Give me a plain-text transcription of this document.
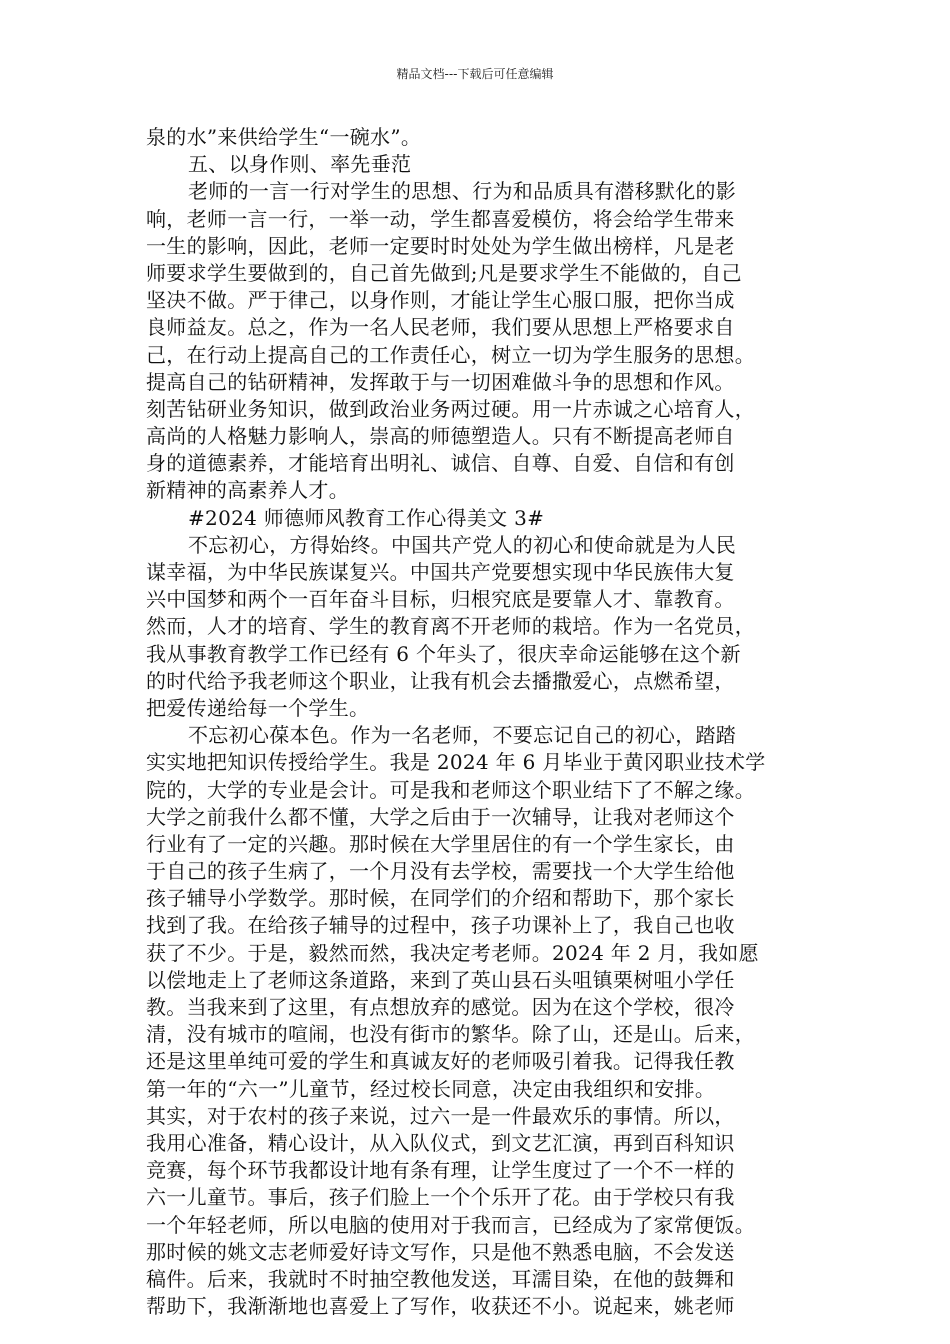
精品文档---下载后可任意编辑
泉的水”来供给学生“一碗水”。
五、以身作则、率先垂范
老师的一言一行对学生的思想、行为和品质具有潜移默化的影
响，老师一言一行，一举一动，学生都喜爱模仿，将会给学生带来
一生的影响，因此，老师一定要时时处处为学生做出榜样，凡是老
师要求学生要做到的，自己首先做到;凡是要求学生不能做的，自己
坚决不做。严于律己，以身作则，才能让学生心服口服，把你当成
良师益友。总之，作为一名人民老师，我们要从思想上严格要求自
己，在行动上提高自己的工作责任心，树立一切为学生服务的思想。
提高自己的钻研精神，发挥敢于与一切困难做斗争的思想和作风。
刻苦钻研业务知识，做到政治业务两过硬。用一片赤诚之心培育人，
高尚的人格魅力影响人，崇高的师德塑造人。只有不断提高老师自
身的道德素养，才能培育出明礼、诚信、自尊、自爱、自信和有创
新精神的高素养人才。
#2024 师德师风教育工作心得美文 3#
不忘初心，方得始终。中国共产党人的初心和使命就是为人民
谋幸福，为中华民族谋复兴。中国共产党要想实现中华民族伟大复
兴中国梦和两个一百年奋斗目标，归根究底是要靠人才、靠教育。
然而，人才的培育、学生的教育离不开老师的栽培。作为一名党员，
我从事教育教学工作已经有 6 个年头了，很庆幸命运能够在这个新
的时代给予我老师这个职业，让我有机会去播撒爱心，点燃希望，
把爱传递给每一个学生。
不忘初心葆本色。作为一名老师，不要忘记自己的初心，踏踏
实实地把知识传授给学生。我是 2024 年 6 月毕业于黄冈职业技术学
院的，大学的专业是会计。可是我和老师这个职业结下了不解之缘。
大学之前我什么都不懂，大学之后由于一次辅导，让我对老师这个
行业有了一定的兴趣。那时候在大学里居住的有一个学生家长，由
于自己的孩子生病了，一个月没有去学校，需要找一个大学生给他
孩子辅导小学数学。那时候，在同学们的介绍和帮助下，那个家长
找到了我。在给孩子辅导的过程中，孩子功课补上了，我自己也收
获了不少。于是，毅然而然，我决定考老师。2024 年 2 月，我如愿
以偿地走上了老师这条道路，来到了英山县石头咀镇栗树咀小学任
教。当我来到了这里，有点想放弃的感觉。因为在这个学校，很冷
清，没有城市的喧闹，也没有街市的繁华。除了山，还是山。后来，
还是这里单纯可爱的学生和真诚友好的老师吸引着我。记得我任教
第一年的“六一”儿童节，经过校长同意，决定由我组织和安排。
其实，对于农村的孩子来说，过六一是一件最欢乐的事情。所以，
我用心准备，精心设计，从入队仪式，到文艺汇演，再到百科知识
竞赛，每个环节我都设计地有条有理，让学生度过了一个不一样的
六一儿童节。事后，孩子们脸上一个个乐开了花。由于学校只有我
一个年轻老师，所以电脑的使用对于我而言，已经成为了家常便饭。
那时候的姚文志老师爱好诗文写作，只是他不熟悉电脑，不会发送
稿件。后来，我就时不时抽空教他发送，耳濡目染，在他的鼓舞和
帮助下，我渐渐地也喜爱上了写作，收获还不小。说起来，姚老师
